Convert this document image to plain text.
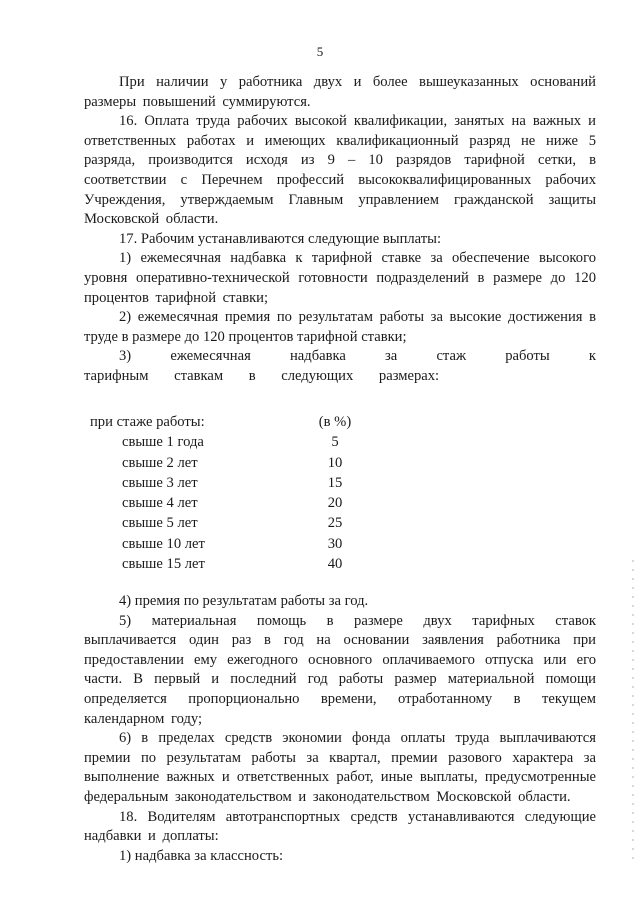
5

При наличии у работника двух и более вышеуказанных оснований размеры повышений суммируются.

16. Оплата труда рабочих высокой квалификации, занятых на важных и ответственных работах и имеющих квалификационный разряд не ниже 5 разряда, производится исходя из 9 – 10 разрядов тарифной сетки, в соответствии с Перечнем профессий высококвалифицированных рабочих Учреждения, утверждаемым Главным управлением гражданской защиты Московской области.

17. Рабочим устанавливаются следующие выплаты:

1) ежемесячная надбавка к тарифной ставке за обеспечение высокого уровня оперативно-технической готовности подразделений в размере до 120 процентов тарифной ставки;

2) ежемесячная премия по результатам работы за высокие достижения в труде в размере до 120 процентов тарифной ставки;

3) ежемесячная надбавка за стаж работы к тарифным ставкам в следующих размерах:

при стаже работы:	(в %)
свыше 1 года	5
свыше 2 лет	10
свыше 3 лет	15
свыше 4 лет	20
свыше 5 лет	25
свыше 10 лет	30
свыше 15 лет	40

4) премия по результатам работы за год.

5) материальная помощь в размере двух тарифных ставок выплачивается один раз в год на основании заявления работника при предоставлении ему ежегодного основного оплачиваемого отпуска или его части. В первый и последний год работы размер материальной помощи определяется пропорционально времени, отработанному в текущем календарном году;

6) в пределах средств экономии фонда оплаты труда выплачиваются премии по результатам работы за квартал, премии разового характера за выполнение важных и ответственных работ, иные выплаты, предусмотренные федеральным законодательством и законодательством Московской области.

18. Водителям автотранспортных средств устанавливаются следующие надбавки и доплаты:

1) надбавка за классность:
